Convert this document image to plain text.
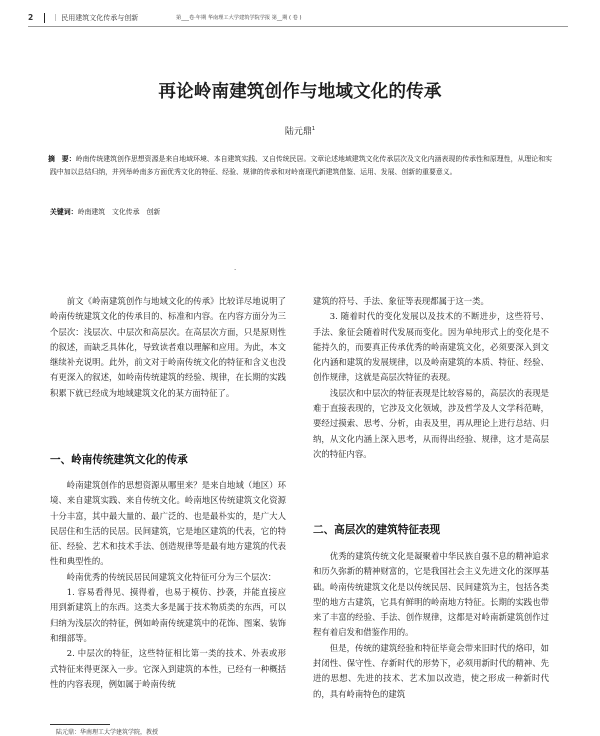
2	｜ 民用建筑文化传承与创新	第___卷·年期 华南理工大学建筑学院学报 第__期 ( 卷 )
再论岭南建筑创作与地域文化的传承
陆元鼎$^1$
摘　要：岭南传统建筑创作思想资源是来自地域环境、本自建筑实践、又自传统民居。文章论述地域建筑文化传承层次及文化内涵表现的传承性和原理性，从理论和实践中加以总结归纳，并列举岭南多方面优秀文化的特征、经验、规律的传承和对岭南现代新建筑借鉴、运用、发展、创新的重要意义。
关键词：岭南建筑　文化传承　创新
·

前文《岭南建筑创作与地域文化的传承》比较详尽地说明了岭南传统建筑文化的传承目的、标准和内容。在内容方面分为三个层次：浅层次、中层次和高层次。在高层次方面，只是原则性的叙述，而缺乏具体化，导致读者难以理解和应用。为此，本文继续补充说明。此外，前文对于岭南传统文化的特征和含义也没有更深入的叙述，如岭南传统建筑的经验、规律，在长期的实践积累下就已经成为地域建筑文化的某方面特征了。

一、岭南传统建筑文化的传承

岭南建筑创作的思想资源从哪里来？是来自地域（地区）环境、来自建筑实践、来自传统文化。岭南地区传统建筑文化资源十分丰富，其中最大量的、最广泛的、也是最朴实的，是广大人民居住和生活的民居。民间建筑，它是地区建筑的代表，它的特征、经验、艺术和技术手法、创造规律等是最有地方建筑的代表性和典型性的。

岭南优秀的传统民居民间建筑文化特征可分为三个层次：

1. 容易看得见、摸得着，也易于模仿、抄袭，并能直接应用到新建筑上的东西。这类大多是属于技术物质类的东西，可以归纳为浅层次的特征，例如岭南传统建筑中的花饰、图案、装饰和细部等。

2. 中层次的特征，这些特征相比第一类的技术、外表或形式特征来得更深入一步。它深入到建筑的本性，已经有一种概括性的内容表现，例如属于岭南传统

建筑的符号、手法、象征等表现都属于这一类。

3. 随着时代的变化发展以及技术的不断进步，这些符号、手法、象征会随着时代发展而变化。因为单纯形式上的变化是不能持久的，而要真正传承优秀的岭南建筑文化，必须要深入到文化内涵和建筑的发展规律，以及岭南建筑的本质、特征、经验、创作规律，这就是高层次特征的表现。

浅层次和中层次的特征表现是比较容易的，高层次的表现是难于直接表现的，它涉及文化领域，涉及哲学及人文学科范畴，要经过摸索、思考、分析，由表及里，再从理论上进行总结、归纳，从文化内涵上深入思考，从而得出经验、规律，这才是高层次的特征内容。

二、高层次的建筑特征表现

优秀的建筑传统文化是凝聚着中华民族自强不息的精神追求和历久弥新的精神财富的，它是我国社会主义先进文化的深厚基础。岭南传统建筑文化是以传统民居、民间建筑为主，包括各类型的地方古建筑，它具有鲜明的岭南地方特征。长期的实践也带来了丰富的经验、手法、创作规律，这都是对岭南新建筑创作过程有着启发和借鉴作用的。

但是，传统的建筑经验和特征毕竟会带来旧时代的烙印，如封闭性、保守性、存新时代的形势下，必须用新时代的精神、先进的思想、先进的技术、艺术加以改造，使之形成一种新时代的，具有岭南特色的建筑

陆元鼎：华南理工大学建筑学院，教授
